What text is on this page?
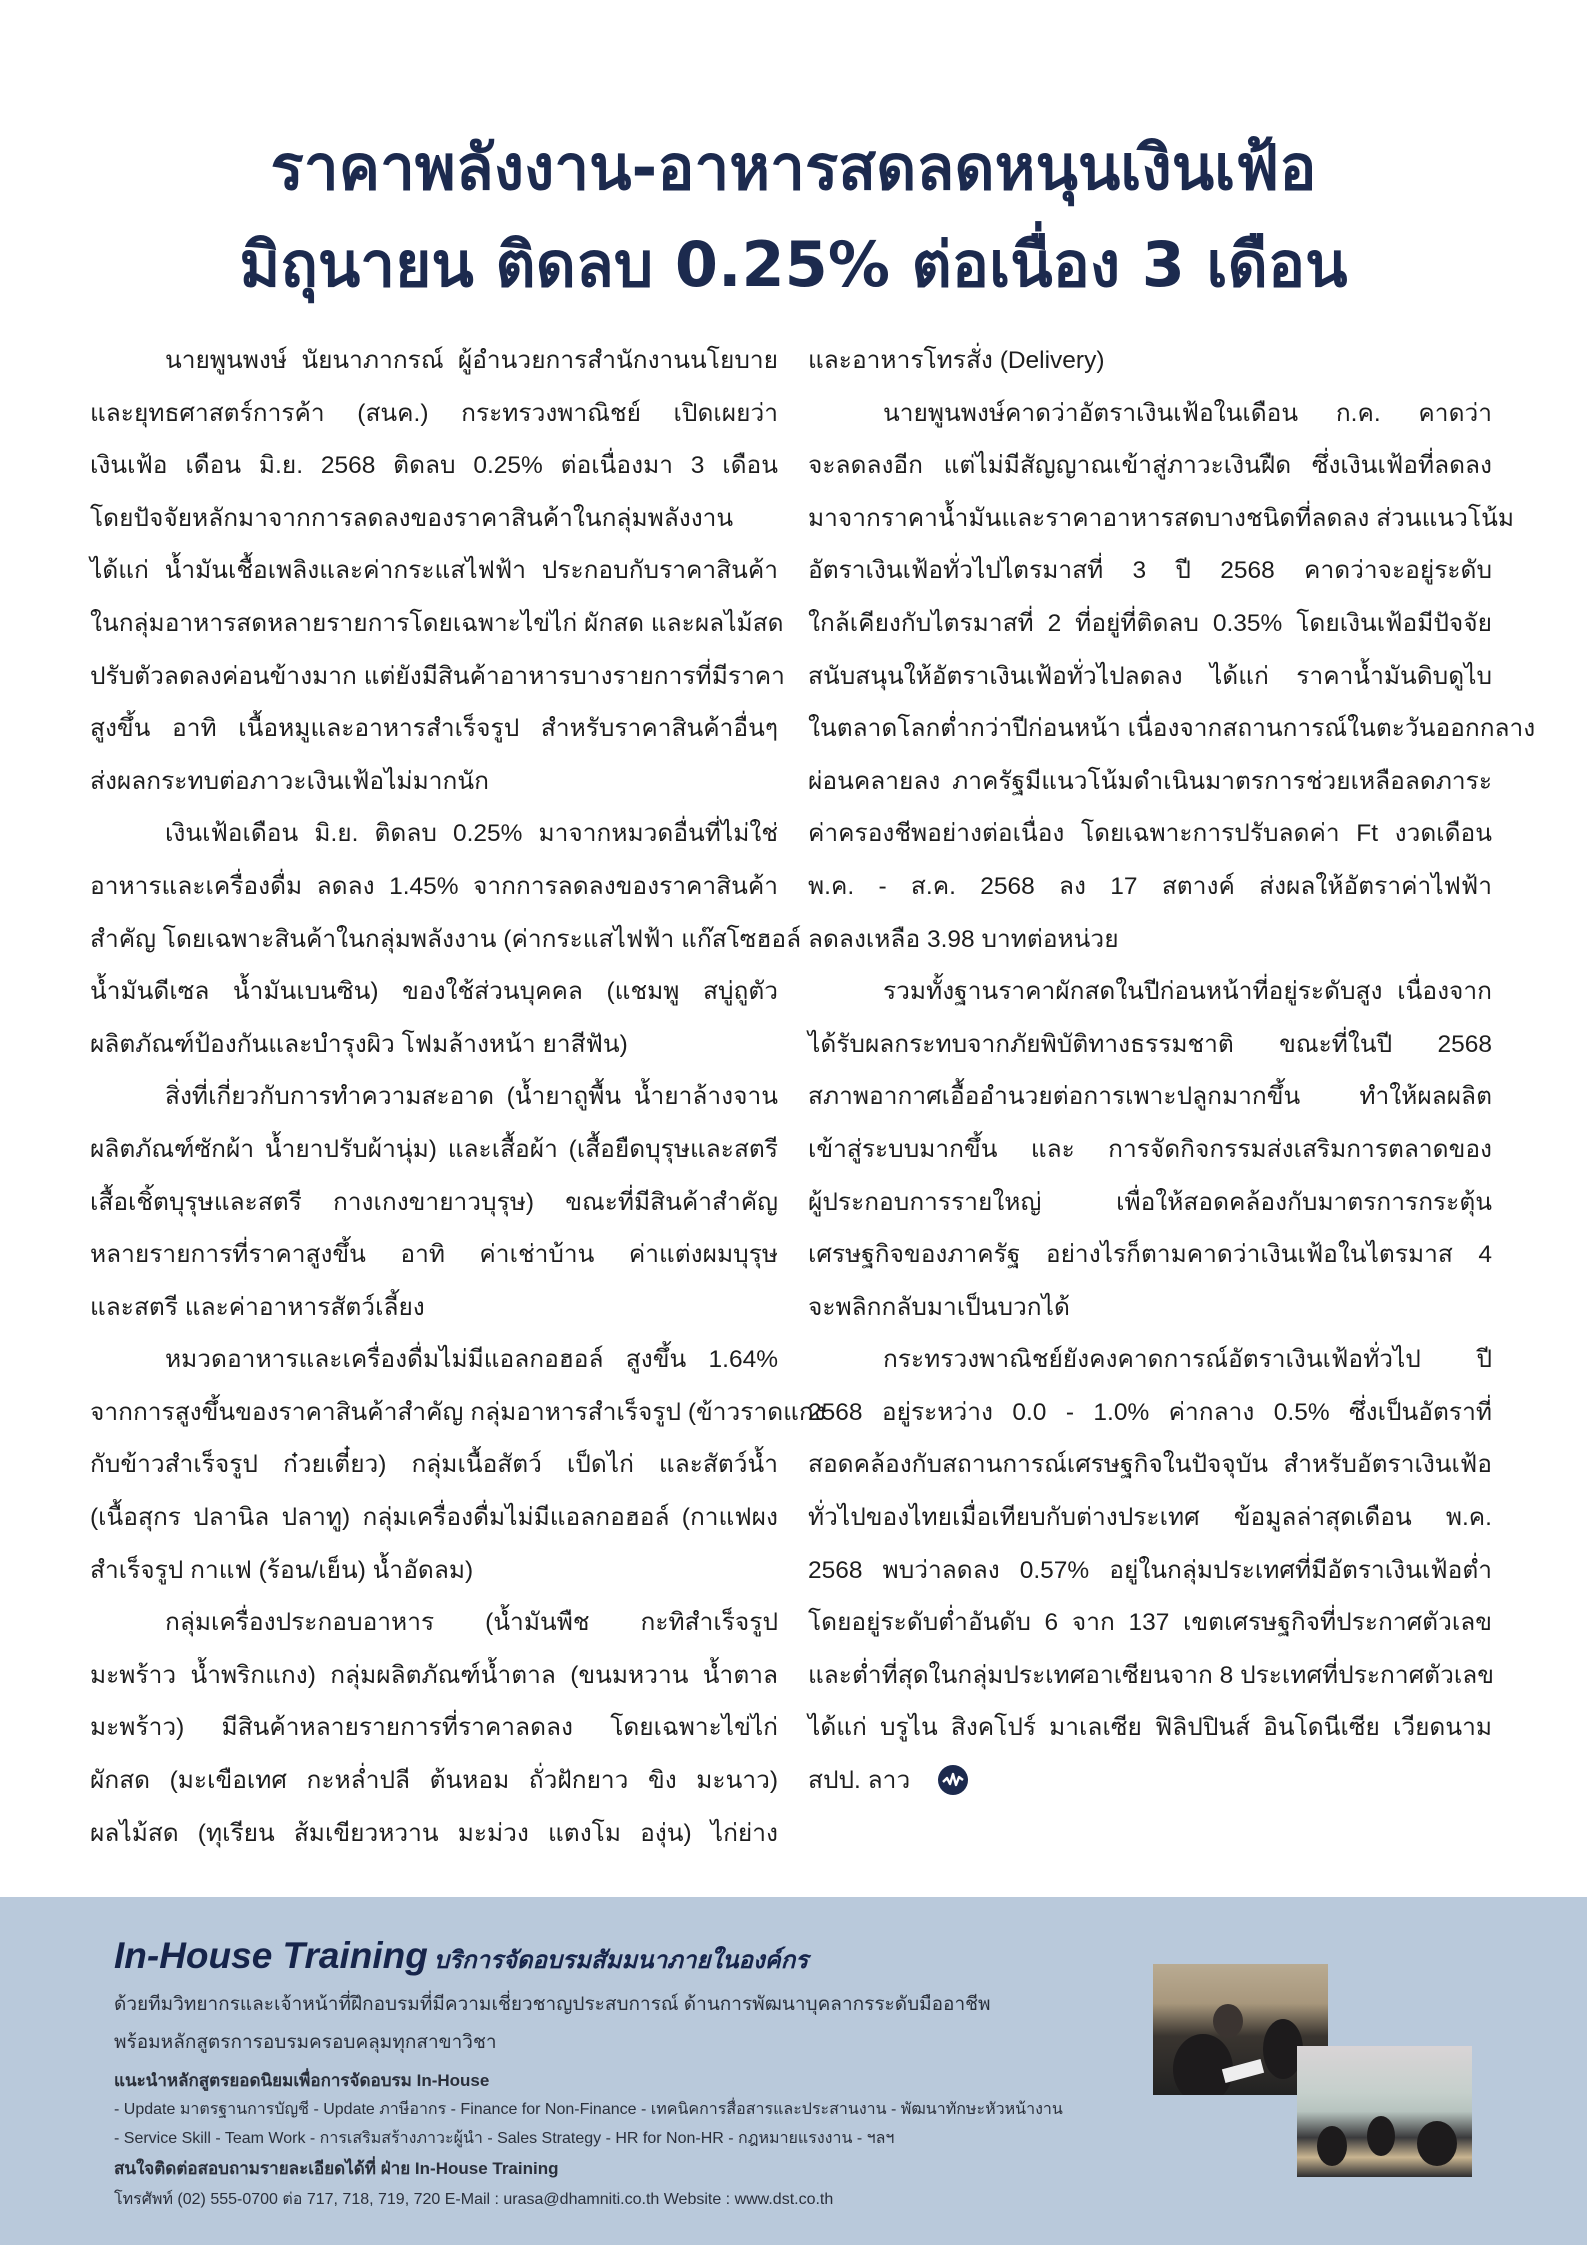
ราคาพลังงาน-อาหารสดลดหนุนเงินเฟ้อ
มิถุนายน ติดลบ 0.25% ต่อเนื่อง 3 เดือน
นายพูนพงษ์ นัยนาภากรณ์ ผู้อำนวยการสำนักงานนโยบาย
และยุทธศาสตร์การค้า (สนค.) กระทรวงพาณิชย์ เปิดเผยว่า
เงินเฟ้อ เดือน มิ.ย. 2568 ติดลบ 0.25% ต่อเนื่องมา 3 เดือน
โดยปัจจัยหลักมาจากการลดลงของราคาสินค้าในกลุ่มพลังงาน
ได้แก่ น้ำมันเชื้อเพลิงและค่ากระแสไฟฟ้า ประกอบกับราคาสินค้า
ในกลุ่มอาหารสดหลายรายการโดยเฉพาะไข่ไก่ ผักสด และผลไม้สด
ปรับตัวลดลงค่อนข้างมาก แต่ยังมีสินค้าอาหารบางรายการที่มีราคา
สูงขึ้น อาทิ เนื้อหมูและอาหารสำเร็จรูป สำหรับราคาสินค้าอื่นๆ
ส่งผลกระทบต่อภาวะเงินเฟ้อไม่มากนัก
เงินเฟ้อเดือน มิ.ย. ติดลบ 0.25% มาจากหมวดอื่นที่ไม่ใช่
อาหารและเครื่องดื่ม ลดลง 1.45% จากการลดลงของราคาสินค้า
สำคัญ โดยเฉพาะสินค้าในกลุ่มพลังงาน (ค่ากระแสไฟฟ้า แก๊สโซฮอล์
น้ำมันดีเซล น้ำมันเบนซิน) ของใช้ส่วนบุคคล (แชมพู สบู่ถูตัว
ผลิตภัณฑ์ป้องกันและบำรุงผิว โฟมล้างหน้า ยาสีฟัน)
สิ่งที่เกี่ยวกับการทำความสะอาด (น้ำยาถูพื้น น้ำยาล้างจาน
ผลิตภัณฑ์ซักผ้า น้ำยาปรับผ้านุ่ม) และเสื้อผ้า (เสื้อยืดบุรุษและสตรี
เสื้อเชิ้ตบุรุษและสตรี กางเกงขายาวบุรุษ) ขณะที่มีสินค้าสำคัญ
หลายรายการที่ราคาสูงขึ้น อาทิ ค่าเช่าบ้าน ค่าแต่งผมบุรุษ
และสตรี และค่าอาหารสัตว์เลี้ยง
หมวดอาหารและเครื่องดื่มไม่มีแอลกอฮอล์ สูงขึ้น 1.64%
จากการสูงขึ้นของราคาสินค้าสำคัญ กลุ่มอาหารสำเร็จรูป (ข้าวราดแกง
กับข้าวสำเร็จรูป ก๋วยเตี๋ยว) กลุ่มเนื้อสัตว์ เป็ดไก่ และสัตว์น้ำ
(เนื้อสุกร ปลานิล ปลาทู) กลุ่มเครื่องดื่มไม่มีแอลกอฮอล์ (กาแฟผง
สำเร็จรูป กาแฟ (ร้อน/เย็น) น้ำอัดลม)
กลุ่มเครื่องประกอบอาหาร (น้ำมันพืช กะทิสำเร็จรูป
มะพร้าว น้ำพริกแกง) กลุ่มผลิตภัณฑ์น้ำตาล (ขนมหวาน น้ำตาล
มะพร้าว) มีสินค้าหลายรายการที่ราคาลดลง โดยเฉพาะไข่ไก่
ผักสด (มะเขือเทศ กะหล่ำปลี ต้นหอม ถั่วฝักยาว ขิง มะนาว)
ผลไม้สด (ทุเรียน ส้มเขียวหวาน มะม่วง แตงโม องุ่น) ไก่ย่าง
และอาหารโทรสั่ง (Delivery)
นายพูนพงษ์คาดว่าอัตราเงินเฟ้อในเดือน ก.ค. คาดว่า
จะลดลงอีก แต่ไม่มีสัญญาณเข้าสู่ภาวะเงินฝืด ซึ่งเงินเฟ้อที่ลดลง
มาจากราคาน้ำมันและราคาอาหารสดบางชนิดที่ลดลง ส่วนแนวโน้ม
อัตราเงินเฟ้อทั่วไปไตรมาสที่ 3 ปี 2568 คาดว่าจะอยู่ระดับ
ใกล้เคียงกับไตรมาสที่ 2 ที่อยู่ที่ติดลบ 0.35% โดยเงินเฟ้อมีปัจจัย
สนับสนุนให้อัตราเงินเฟ้อทั่วไปลดลง ได้แก่ ราคาน้ำมันดิบดูไบ
ในตลาดโลกต่ำกว่าปีก่อนหน้า เนื่องจากสถานการณ์ในตะวันออกกลาง
ผ่อนคลายลง ภาครัฐมีแนวโน้มดำเนินมาตรการช่วยเหลือลดภาระ
ค่าครองชีพอย่างต่อเนื่อง โดยเฉพาะการปรับลดค่า Ft งวดเดือน
พ.ค. - ส.ค. 2568 ลง 17 สตางค์ ส่งผลให้อัตราค่าไฟฟ้า
ลดลงเหลือ 3.98 บาทต่อหน่วย
รวมทั้งฐานราคาผักสดในปีก่อนหน้าที่อยู่ระดับสูง เนื่องจาก
ได้รับผลกระทบจากภัยพิบัติทางธรรมชาติ ขณะที่ในปี 2568
สภาพอากาศเอื้ออำนวยต่อการเพาะปลูกมากขึ้น ทำให้ผลผลิต
เข้าสู่ระบบมากขึ้น และ การจัดกิจกรรมส่งเสริมการตลาดของ
ผู้ประกอบการรายใหญ่ เพื่อให้สอดคล้องกับมาตรการกระตุ้น
เศรษฐกิจของภาครัฐ อย่างไรก็ตามคาดว่าเงินเฟ้อในไตรมาส 4
จะพลิกกลับมาเป็นบวกได้
กระทรวงพาณิชย์ยังคงคาดการณ์อัตราเงินเฟ้อทั่วไป ปี
2568 อยู่ระหว่าง 0.0 - 1.0% ค่ากลาง 0.5% ซึ่งเป็นอัตราที่
สอดคล้องกับสถานการณ์เศรษฐกิจในปัจจุบัน สำหรับอัตราเงินเฟ้อ
ทั่วไปของไทยเมื่อเทียบกับต่างประเทศ ข้อมูลล่าสุดเดือน พ.ค.
2568 พบว่าลดลง 0.57% อยู่ในกลุ่มประเทศที่มีอัตราเงินเฟ้อต่ำ
โดยอยู่ระดับต่ำอันดับ 6 จาก 137 เขตเศรษฐกิจที่ประกาศตัวเลข
และต่ำที่สุดในกลุ่มประเทศอาเซียนจาก 8 ประเทศที่ประกาศตัวเลข
ได้แก่ บรูไน สิงคโปร์ มาเลเซีย ฟิลิปปินส์ อินโดนีเซีย เวียดนาม
สปป. ลาว
In-House Training บริการจัดอบรมสัมมนาภายในองค์กร
ด้วยทีมวิทยากรและเจ้าหน้าที่ฝึกอบรมที่มีความเชี่ยวชาญประสบการณ์ ด้านการพัฒนาบุคลากรระดับมืออาชีพ
พร้อมหลักสูตรการอบรมครอบคลุมทุกสาขาวิชา
แนะนำหลักสูตรยอดนิยมเพื่อการจัดอบรม In-House
- Update มาตรฐานการบัญชี - Update ภาษีอากร - Finance for Non-Finance - เทคนิคการสื่อสารและประสานงาน - พัฒนาทักษะหัวหน้างาน
- Service Skill - Team Work - การเสริมสร้างภาวะผู้นำ - Sales Strategy - HR for Non-HR - กฎหมายแรงงาน - ฯลฯ
สนใจติดต่อสอบถามรายละเอียดได้ที่ ฝ่าย In-House Training
โทรศัพท์ (02) 555-0700 ต่อ 717, 718, 719, 720 E-Mail : urasa@dhamniti.co.th Website : www.dst.co.th
